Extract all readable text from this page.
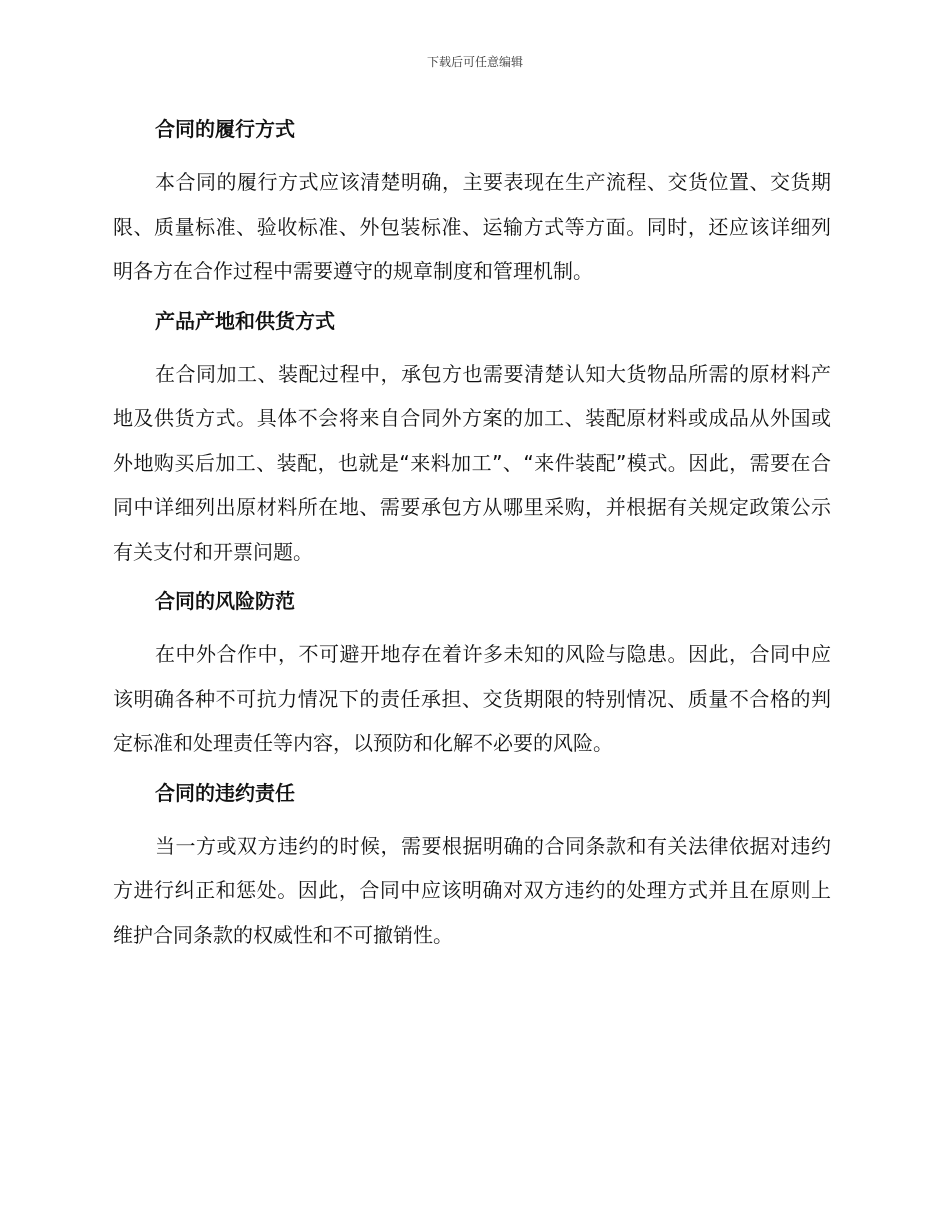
下载后可任意编辑
合同的履行方式

本合同的履行方式应该清楚明确，主要表现在生产流程、交货位置、交货期限、质量标准、验收标准、外包装标准、运输方式等方面。同时，还应该详细列明各方在合作过程中需要遵守的规章制度和管理机制。

产品产地和供货方式

在合同加工、装配过程中，承包方也需要清楚认知大货物品所需的原材料产地及供货方式。具体不会将来自合同外方案的加工、装配原材料或成品从外国或外地购买后加工、装配，也就是“来料加工”、“来件装配”模式。因此，需要在合同中详细列出原材料所在地、需要承包方从哪里采购，并根据有关规定政策公示有关支付和开票问题。

合同的风险防范

在中外合作中，不可避开地存在着许多未知的风险与隐患。因此，合同中应该明确各种不可抗力情况下的责任承担、交货期限的特别情况、质量不合格的判定标准和处理责任等内容，以预防和化解不必要的风险。

合同的违约责任

当一方或双方违约的时候，需要根据明确的合同条款和有关法律依据对违约方进行纠正和惩处。因此，合同中应该明确对双方违约的处理方式并且在原则上维护合同条款的权威性和不可撤销性。
